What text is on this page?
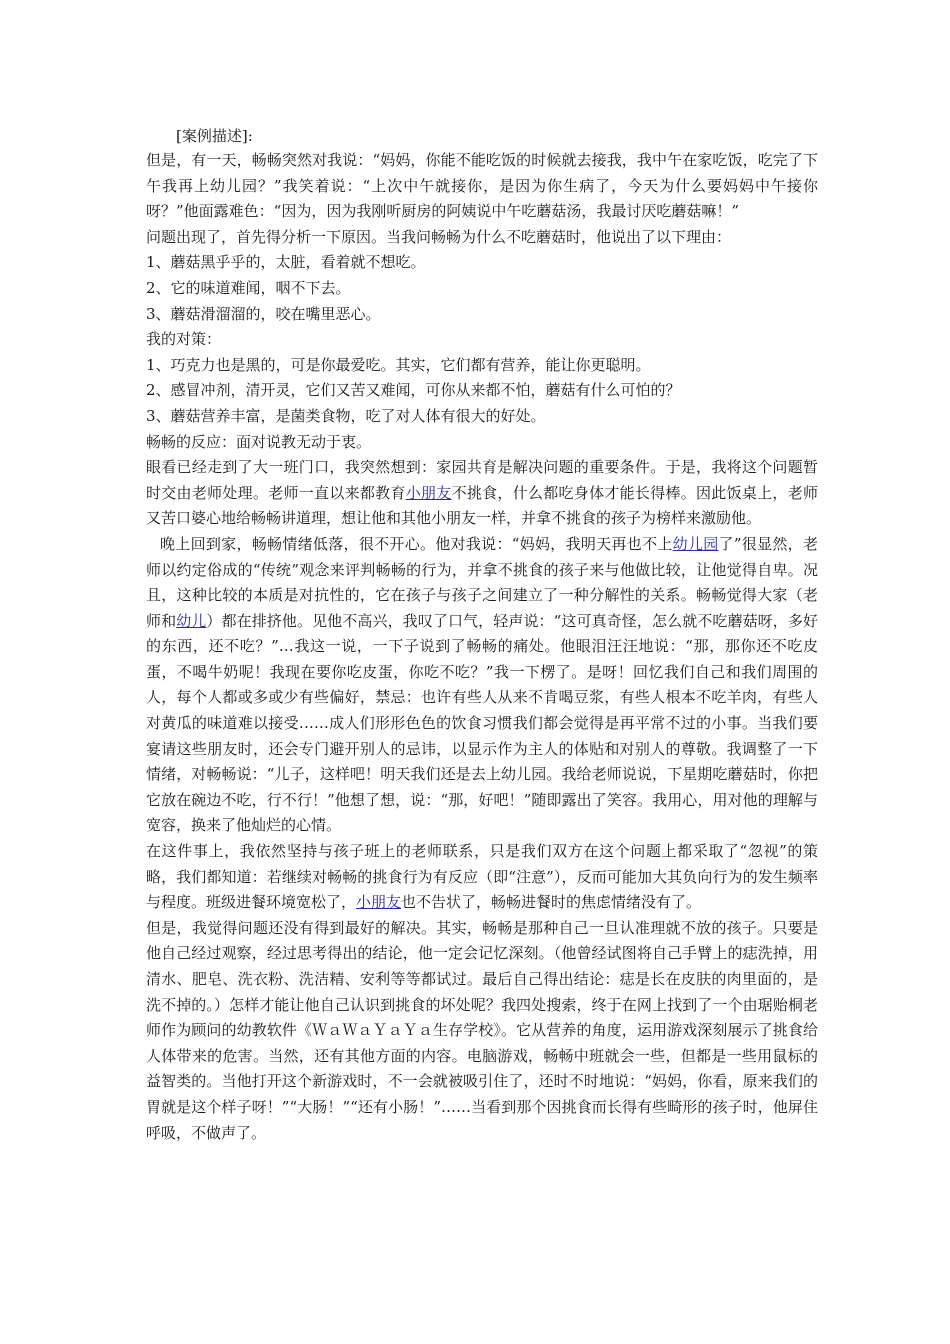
[案例描述]:

但是，有一天，畅畅突然对我说：“妈妈，你能不能吃饭的时候就去接我，我中午在家吃饭，吃完了下午我再上幼儿园？”我笑着说：“上次中午就接你，是因为你生病了，今天为什么要妈妈中午接你呀？”他面露难色：“因为，因为我刚听厨房的阿姨说中午吃蘑菇汤，我最讨厌吃蘑菇嘛！”

问题出现了，首先得分析一下原因。当我问畅畅为什么不吃蘑菇时，他说出了以下理由：

1、蘑菇黑乎乎的，太脏，看着就不想吃。

2、它的味道难闻，咽不下去。

3、蘑菇滑溜溜的，咬在嘴里恶心。

我的对策：

1、巧克力也是黑的，可是你最爱吃。其实，它们都有营养，能让你更聪明。

2、感冒冲剂，清开灵，它们又苦又难闻，可你从来都不怕，蘑菇有什么可怕的？

3、蘑菇营养丰富，是菌类食物，吃了对人体有很大的好处。

畅畅的反应：面对说教无动于衷。

眼看已经走到了大一班门口，我突然想到：家园共育是解决问题的重要条件。于是，我将这个问题暂时交由老师处理。老师一直以来都教育小朋友不挑食，什么都吃身体才能长得棒。因此饭桌上，老师又苦口婆心地给畅畅讲道理，想让他和其他小朋友一样，并拿不挑食的孩子为榜样来激励他。

晚上回到家，畅畅情绪低落，很不开心。他对我说：“妈妈，我明天再也不上幼儿园了”很显然，老师以约定俗成的“传统”观念来评判畅畅的行为，并拿不挑食的孩子来与他做比较，让他觉得自卑。况且，这种比较的本质是对抗性的，它在孩子与孩子之间建立了一种分解性的关系。畅畅觉得大家（老师和幼儿）都在排挤他。见他不高兴，我叹了口气，轻声说：“这可真奇怪，怎么就不吃蘑菇呀，多好的东西，还不吃？”…我这一说，一下子说到了畅畅的痛处。他眼泪汪汪地说：“那，那你还不吃皮蛋，不喝牛奶呢！我现在要你吃皮蛋，你吃不吃？”我一下楞了。是呀！回忆我们自己和我们周围的人，每个人都或多或少有些偏好，禁忌：也许有些人从来不肯喝豆浆，有些人根本不吃羊肉，有些人对黄瓜的味道难以接受……成人们形形色色的饮食习惯我们都会觉得是再平常不过的小事。当我们要宴请这些朋友时，还会专门避开别人的忌讳，以显示作为主人的体贴和对别人的尊敬。我调整了一下情绪，对畅畅说：“儿子，这样吧！明天我们还是去上幼儿园。我给老师说说，下星期吃蘑菇时，你把它放在碗边不吃，行不行！”他想了想，说：“那，好吧！”随即露出了笑容。我用心，用对他的理解与宽容，换来了他灿烂的心情。

在这件事上，我依然坚持与孩子班上的老师联系，只是我们双方在这个问题上都采取了“忽视”的策略，我们都知道：若继续对畅畅的挑食行为有反应（即“注意”），反而可能加大其负向行为的发生频率与程度。班级进餐环境宽松了，小朋友也不告状了，畅畅进餐时的焦虑情绪没有了。

但是，我觉得问题还没有得到最好的解决。其实，畅畅是那种自己一旦认准理就不放的孩子。只要是他自己经过观察，经过思考得出的结论，他一定会记忆深刻。（他曾经试图将自己手臂上的痣洗掉，用清水、肥皂、洗衣粉、洗洁精、安利等等都试过。最后自己得出结论：痣是长在皮肤的肉里面的，是洗不掉的。）怎样才能让他自己认识到挑食的坏处呢？我四处搜索，终于在网上找到了一个由琚贻桐老师作为顾问的幼教软件《ＷａＷａＹａＹａ生存学校》。它从营养的角度，运用游戏深刻展示了挑食给人体带来的危害。当然，还有其他方面的内容。电脑游戏，畅畅中班就会一些，但都是一些用鼠标的益智类的。当他打开这个新游戏时，不一会就被吸引住了，还时不时地说：“妈妈，你看，原来我们的胃就是这个样子呀！”“大肠！”“还有小肠！”……当看到那个因挑食而长得有些畸形的孩子时，他屏住呼吸，不做声了。
